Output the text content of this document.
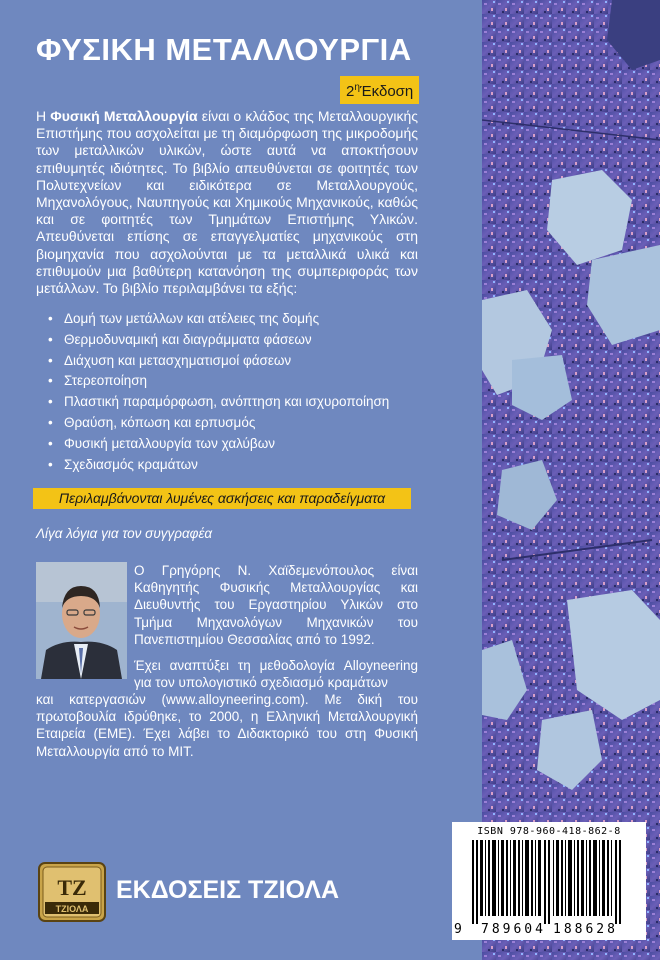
ΦΥΣΙΚΗ ΜΕΤΑΛΛΟΥΡΓΙΑ
$2^\eta Έ\kappa\delta o\sigma\eta$

Η Φυσική Μεταλλουργία είναι ο κλάδος της Μεταλλουργικής Επιστήμης που ασχολείται με τη διαμόρφωση της μικροδομής των μεταλλικών υλικών, ώστε αυτά να αποκτήσουν επιθυμητές ιδιότητες. Το βιβλίο απευθύνεται σε φοιτητές των Πολυτεχνείων και ειδικότερα σε Μεταλλουργούς, Μηχανολόγους, Ναυπηγούς και Χημικούς Μηχανικούς, καθώς και σε φοιτητές των Τμημάτων Επιστήμης Υλικών. Απευθύνεται επίσης σε επαγγελματίες μηχανικούς στη βιομηχανία που ασχολούνται με τα μεταλλικά υλικά και επιθυμούν μια βαθύτερη κατανόηση της συμπεριφοράς των μετάλλων. Το βιβλίο περιλαμβάνει τα εξής:

• Δομή των μετάλλων και ατέλειες της δομής
• Θερμοδυναμική και διαγράμματα φάσεων
• Διάχυση και μετασχηματισμοί φάσεων
• Στερεοποίηση
• Πλαστική παραμόρφωση, ανόπτηση και ισχυροποίηση
• Θραύση, κόπωση και ερπυσμός
• Φυσική μεταλλουργία των χαλύβων
• Σχεδιασμός κραμάτων
Περιλαμβάνονται λυμένες ασκήσεις και παραδείγματα
Λίγα λόγια για τον συγγραφέα

Ο Γρηγόρης Ν. Χαϊδεμενόπουλος είναι Καθηγητής Φυσικής Μεταλλουργίας και Διευθυντής του Εργαστηρίου Υλικών στο Τμήμα Μηχανολόγων Μηχανικών του Πανεπιστημίου Θεσσαλίας από το 1992.

Έχει αναπτύξει τη μεθοδολογία Alloyneering για τον υπολογιστικό σχεδιασμό κραμάτων

και κατεργασιών (www.alloyneering.com). Με δική του πρωτοβουλία ιδρύθηκε, το 2000, η Ελληνική Μεταλλουργική Εταιρεία (ΕΜΕ). Έχει λάβει το Διδακτορικό του στη Φυσική Μεταλλουργία από το MIT.

TZ
ΤΖΙΟΛΑ

ΕΚΔΟΣΕΙΣ ΤΖΙΟΛΑ

ISBN 978-960-418-862-8
9 789604 188628
